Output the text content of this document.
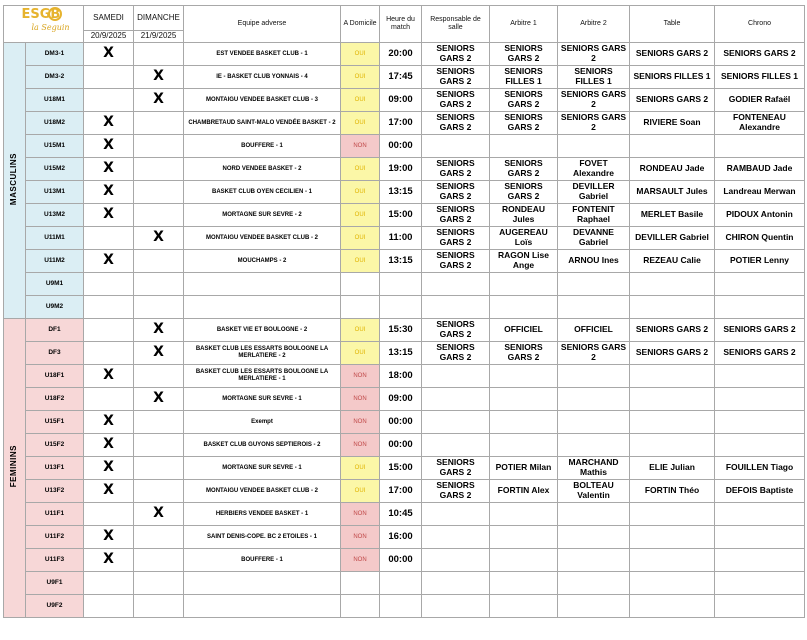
ESGB
la Seguin		SAMEDI	DIMANCHE	Equipe adverse	A Domicile	Heure du match	Responsable de salle	Arbitre 1	Arbitre 2	Table	Chrono
		20/9/2025	21/9/2025								
MASCULINS	DM3-1	X		EST VENDEE BASKET CLUB - 1	OUI	20:00	SENIORS GARS 2	SENIORS GARS 2	SENIORS GARS 2	SENIORS GARS 2	SENIORS GARS 2
	DM3-2		X	IE - BASKET CLUB YONNAIS - 4	OUI	17:45	SENIORS GARS 2	SENIORS FILLES 1	SENIORS FILLES 1	SENIORS FILLES 1	SENIORS FILLES 1
	U18M1		X	MONTAIGU VENDEE BASKET CLUB - 3	OUI	09:00	SENIORS GARS 2	SENIORS GARS 2	SENIORS GARS 2	SENIORS GARS 2	GODIER Rafaël
	U18M2	X		CHAMBRETAUD SAINT-MALO VENDÉE BASKET - 2	OUI	17:00	SENIORS GARS 2	SENIORS GARS 2	SENIORS GARS 2	RIVIERE Soan	FONTENEAU Alexandre
	U15M1	X		BOUFFERE - 1	NON	00:00					
	U15M2	X		NORD VENDEE BASKET - 2	OUI	19:00	SENIORS GARS 2	SENIORS GARS 2	FOVET Alexandre	RONDEAU Jade	RAMBAUD Jade
	U13M1	X		BASKET CLUB OYEN CECILIEN - 1	OUI	13:15	SENIORS GARS 2	SENIORS GARS 2	DEVILLER Gabriel	MARSAULT Jules	Landreau Merwan
	U13M2	X		MORTAGNE SUR SEVRE - 2	OUI	15:00	SENIORS GARS 2	RONDEAU Jules	FONTENIT Raphael	MERLET Basile	PIDOUX Antonin
	U11M1		X	MONTAIGU VENDEE BASKET CLUB - 2	OUI	11:00	SENIORS GARS 2	AUGEREAU Loïs	DEVANNE Gabriel	DEVILLER Gabriel	CHIRON Quentin
	U11M2	X		MOUCHAMPS - 2	OUI	13:15	SENIORS GARS 2	RAGON Lise Ange	ARNOU Ines	REZEAU Calie	POTIER Lenny
	U9M1										
	U9M2										
FEMININS	DF1		X	BASKET VIE ET BOULOGNE - 2	OUI	15:30	SENIORS GARS 2	OFFICIEL	OFFICIEL	SENIORS GARS 2	SENIORS GARS 2
	DF3		X	BASKET CLUB LES ESSARTS BOULOGNE LA MERLATIERE - 2	OUI	13:15	SENIORS GARS 2	SENIORS GARS 2	SENIORS GARS 2	SENIORS GARS 2	SENIORS GARS 2
	U18F1	X		BASKET CLUB LES ESSARTS BOULOGNE LA MERLATIERE - 1	NON	18:00					
	U18F2		X	MORTAGNE SUR SEVRE - 1	NON	09:00					
	U15F1	X		Exempt	NON	00:00					
	U15F2	X		BASKET CLUB GUYONS SEPTIEROIS - 2	NON	00:00					
	U13F1	X		MORTAGNE SUR SEVRE - 1	OUI	15:00	SENIORS GARS 2	POTIER Milan	MARCHAND Mathis	ELIE Julian	FOUILLEN Tiago
	U13F2	X		MONTAIGU VENDEE BASKET CLUB - 2	OUI	17:00	SENIORS GARS 2	FORTIN Alex	BOLTEAU Valentin	FORTIN Théo	DEFOIS Baptiste
	U11F1		X	HERBIERS VENDEE BASKET - 1	NON	10:45					
	U11F2	X		SAINT DENIS-COPE. BC 2 ETOILES - 1	NON	16:00					
	U11F3	X		BOUFFERE - 1	NON	00:00					
	U9F1										
	U9F2										
